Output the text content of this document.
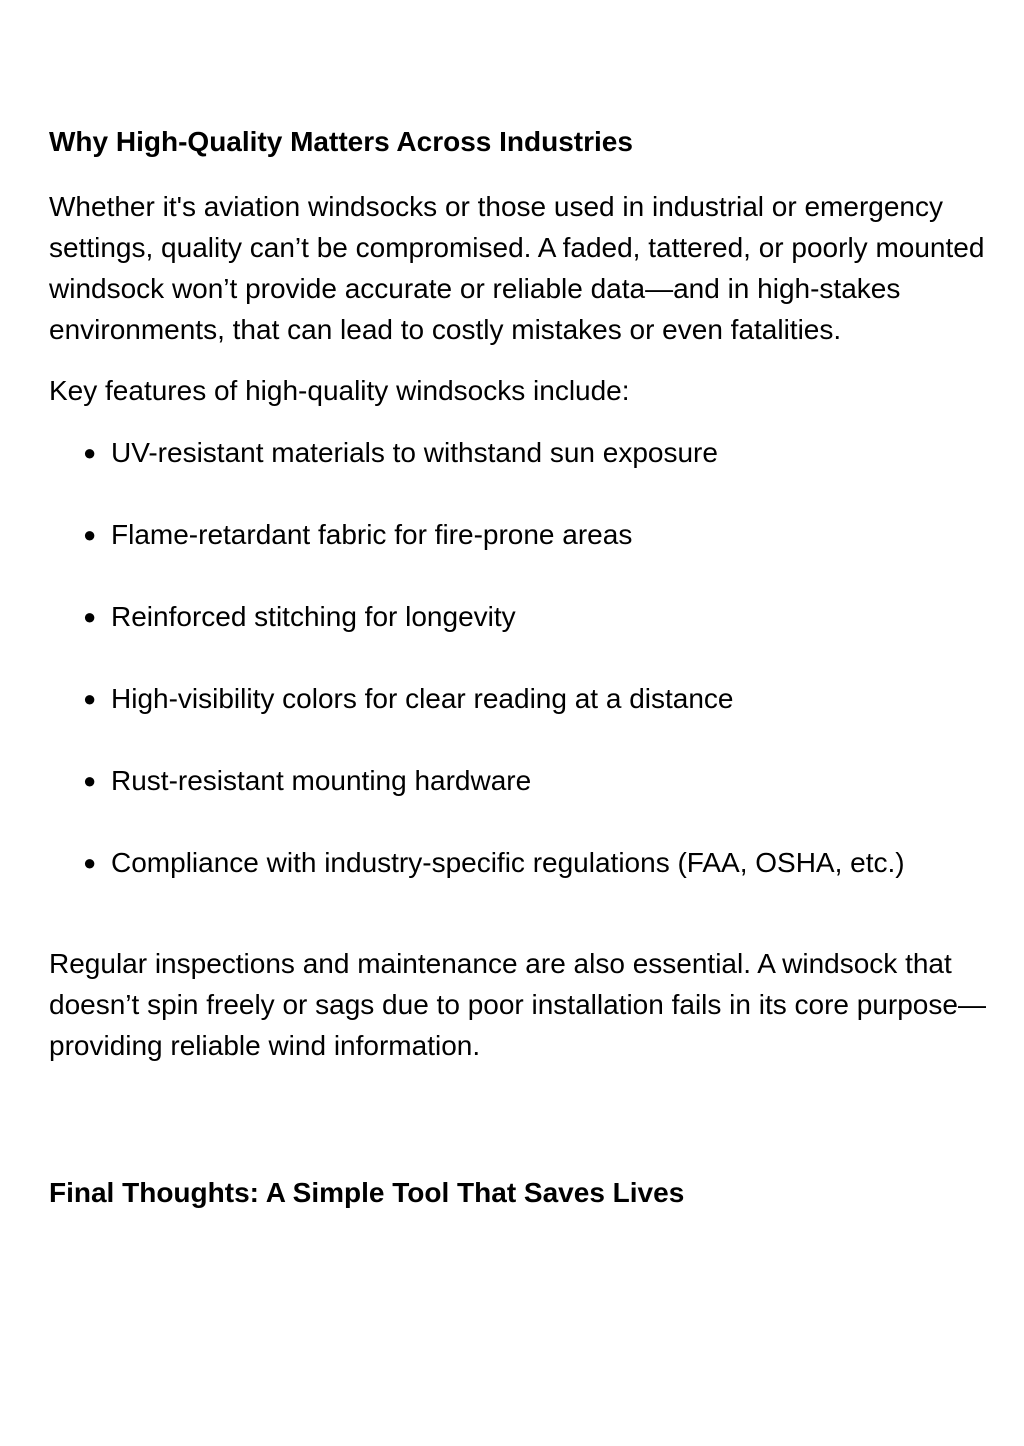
Why High-Quality Matters Across Industries

Whether it's aviation windsocks or those used in industrial or emergency settings, quality can’t be compromised. A faded, tattered, or poorly mounted windsock won’t provide accurate or reliable data—and in high-stakes environments, that can lead to costly mistakes or even fatalities.

Key features of high-quality windsocks include:

● UV-resistant materials to withstand sun exposure
● Flame-retardant fabric for fire-prone areas
● Reinforced stitching for longevity
● High-visibility colors for clear reading at a distance
● Rust-resistant mounting hardware
● Compliance with industry-specific regulations (FAA, OSHA, etc.)

Regular inspections and maintenance are also essential. A windsock that doesn’t spin freely or sags due to poor installation fails in its core purpose—providing reliable wind information.

Final Thoughts: A Simple Tool That Saves Lives
